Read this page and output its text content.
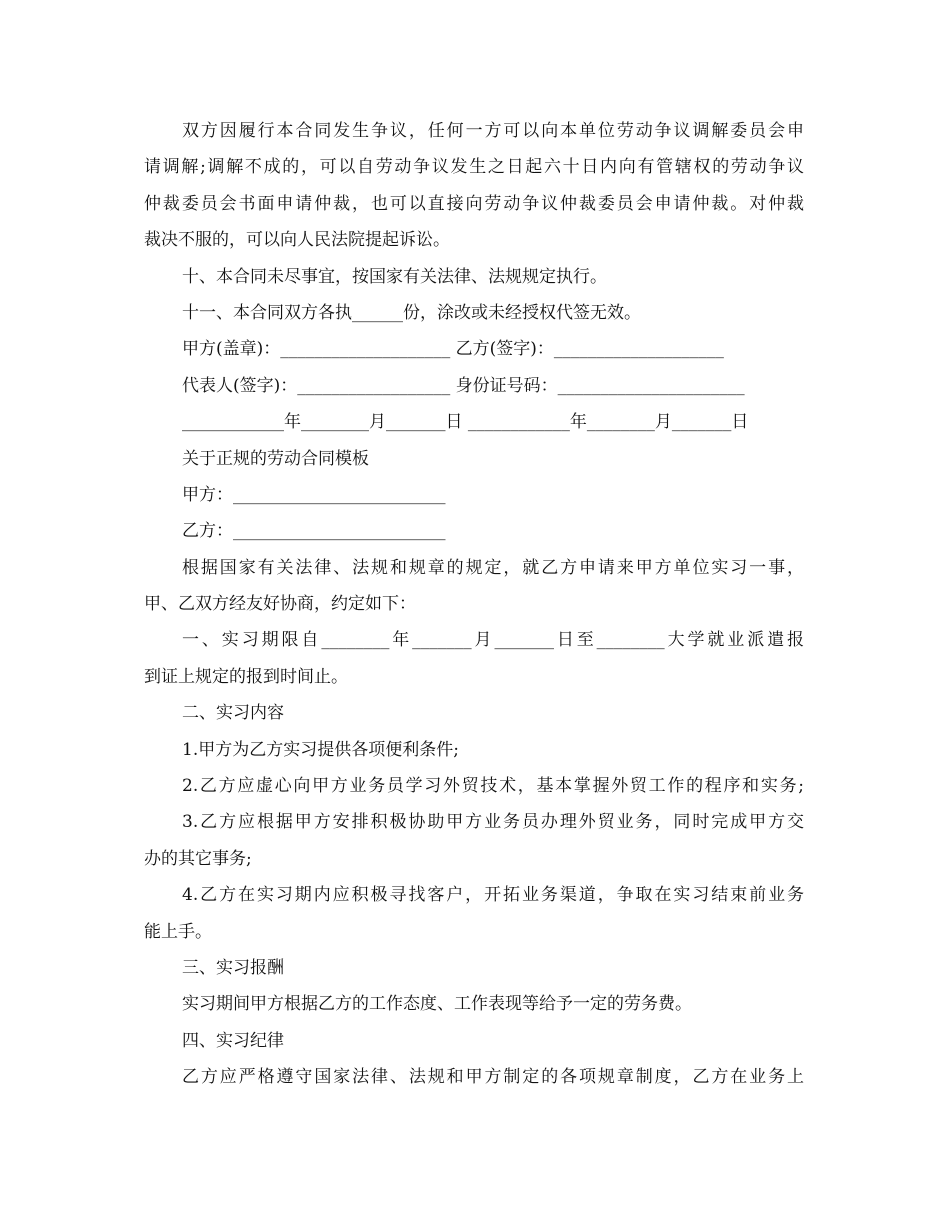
双方因履行本合同发生争议，任何一方可以向本单位劳动争议调解委员会申
请调解;调解不成的，可以自劳动争议发生之日起六十日内向有管辖权的劳动争议
仲裁委员会书面申请仲裁，也可以直接向劳动争议仲裁委员会申请仲裁。对仲裁
裁决不服的，可以向人民法院提起诉讼。
十、本合同未尽事宜，按国家有关法律、法规规定执行。
十一、本合同双方各执______份，涂改或未经授权代签无效。
甲方(盖章)：____________________ 乙方(签字)：____________________
代表人(签字)：__________________ 身份证号码：______________________
____________年________月_______日 ____________年________月_______日
关于正规的劳动合同模板
甲方：_________________________
乙方：_________________________
根据国家有关法律、法规和规章的规定，就乙方申请来甲方单位实习一事，
甲、乙双方经友好协商，约定如下：
一、实习期限自________年_______月_______日至________大学就业派遣报
到证上规定的报到时间止。
二、实习内容
1.甲方为乙方实习提供各项便利条件;
2.乙方应虚心向甲方业务员学习外贸技术，基本掌握外贸工作的程序和实务;
3.乙方应根据甲方安排积极协助甲方业务员办理外贸业务，同时完成甲方交
办的其它事务;
4.乙方在实习期内应积极寻找客户，开拓业务渠道，争取在实习结束前业务
能上手。
三、实习报酬
实习期间甲方根据乙方的工作态度、工作表现等给予一定的劳务费。
四、实习纪律
乙方应严格遵守国家法律、法规和甲方制定的各项规章制度，乙方在业务上
